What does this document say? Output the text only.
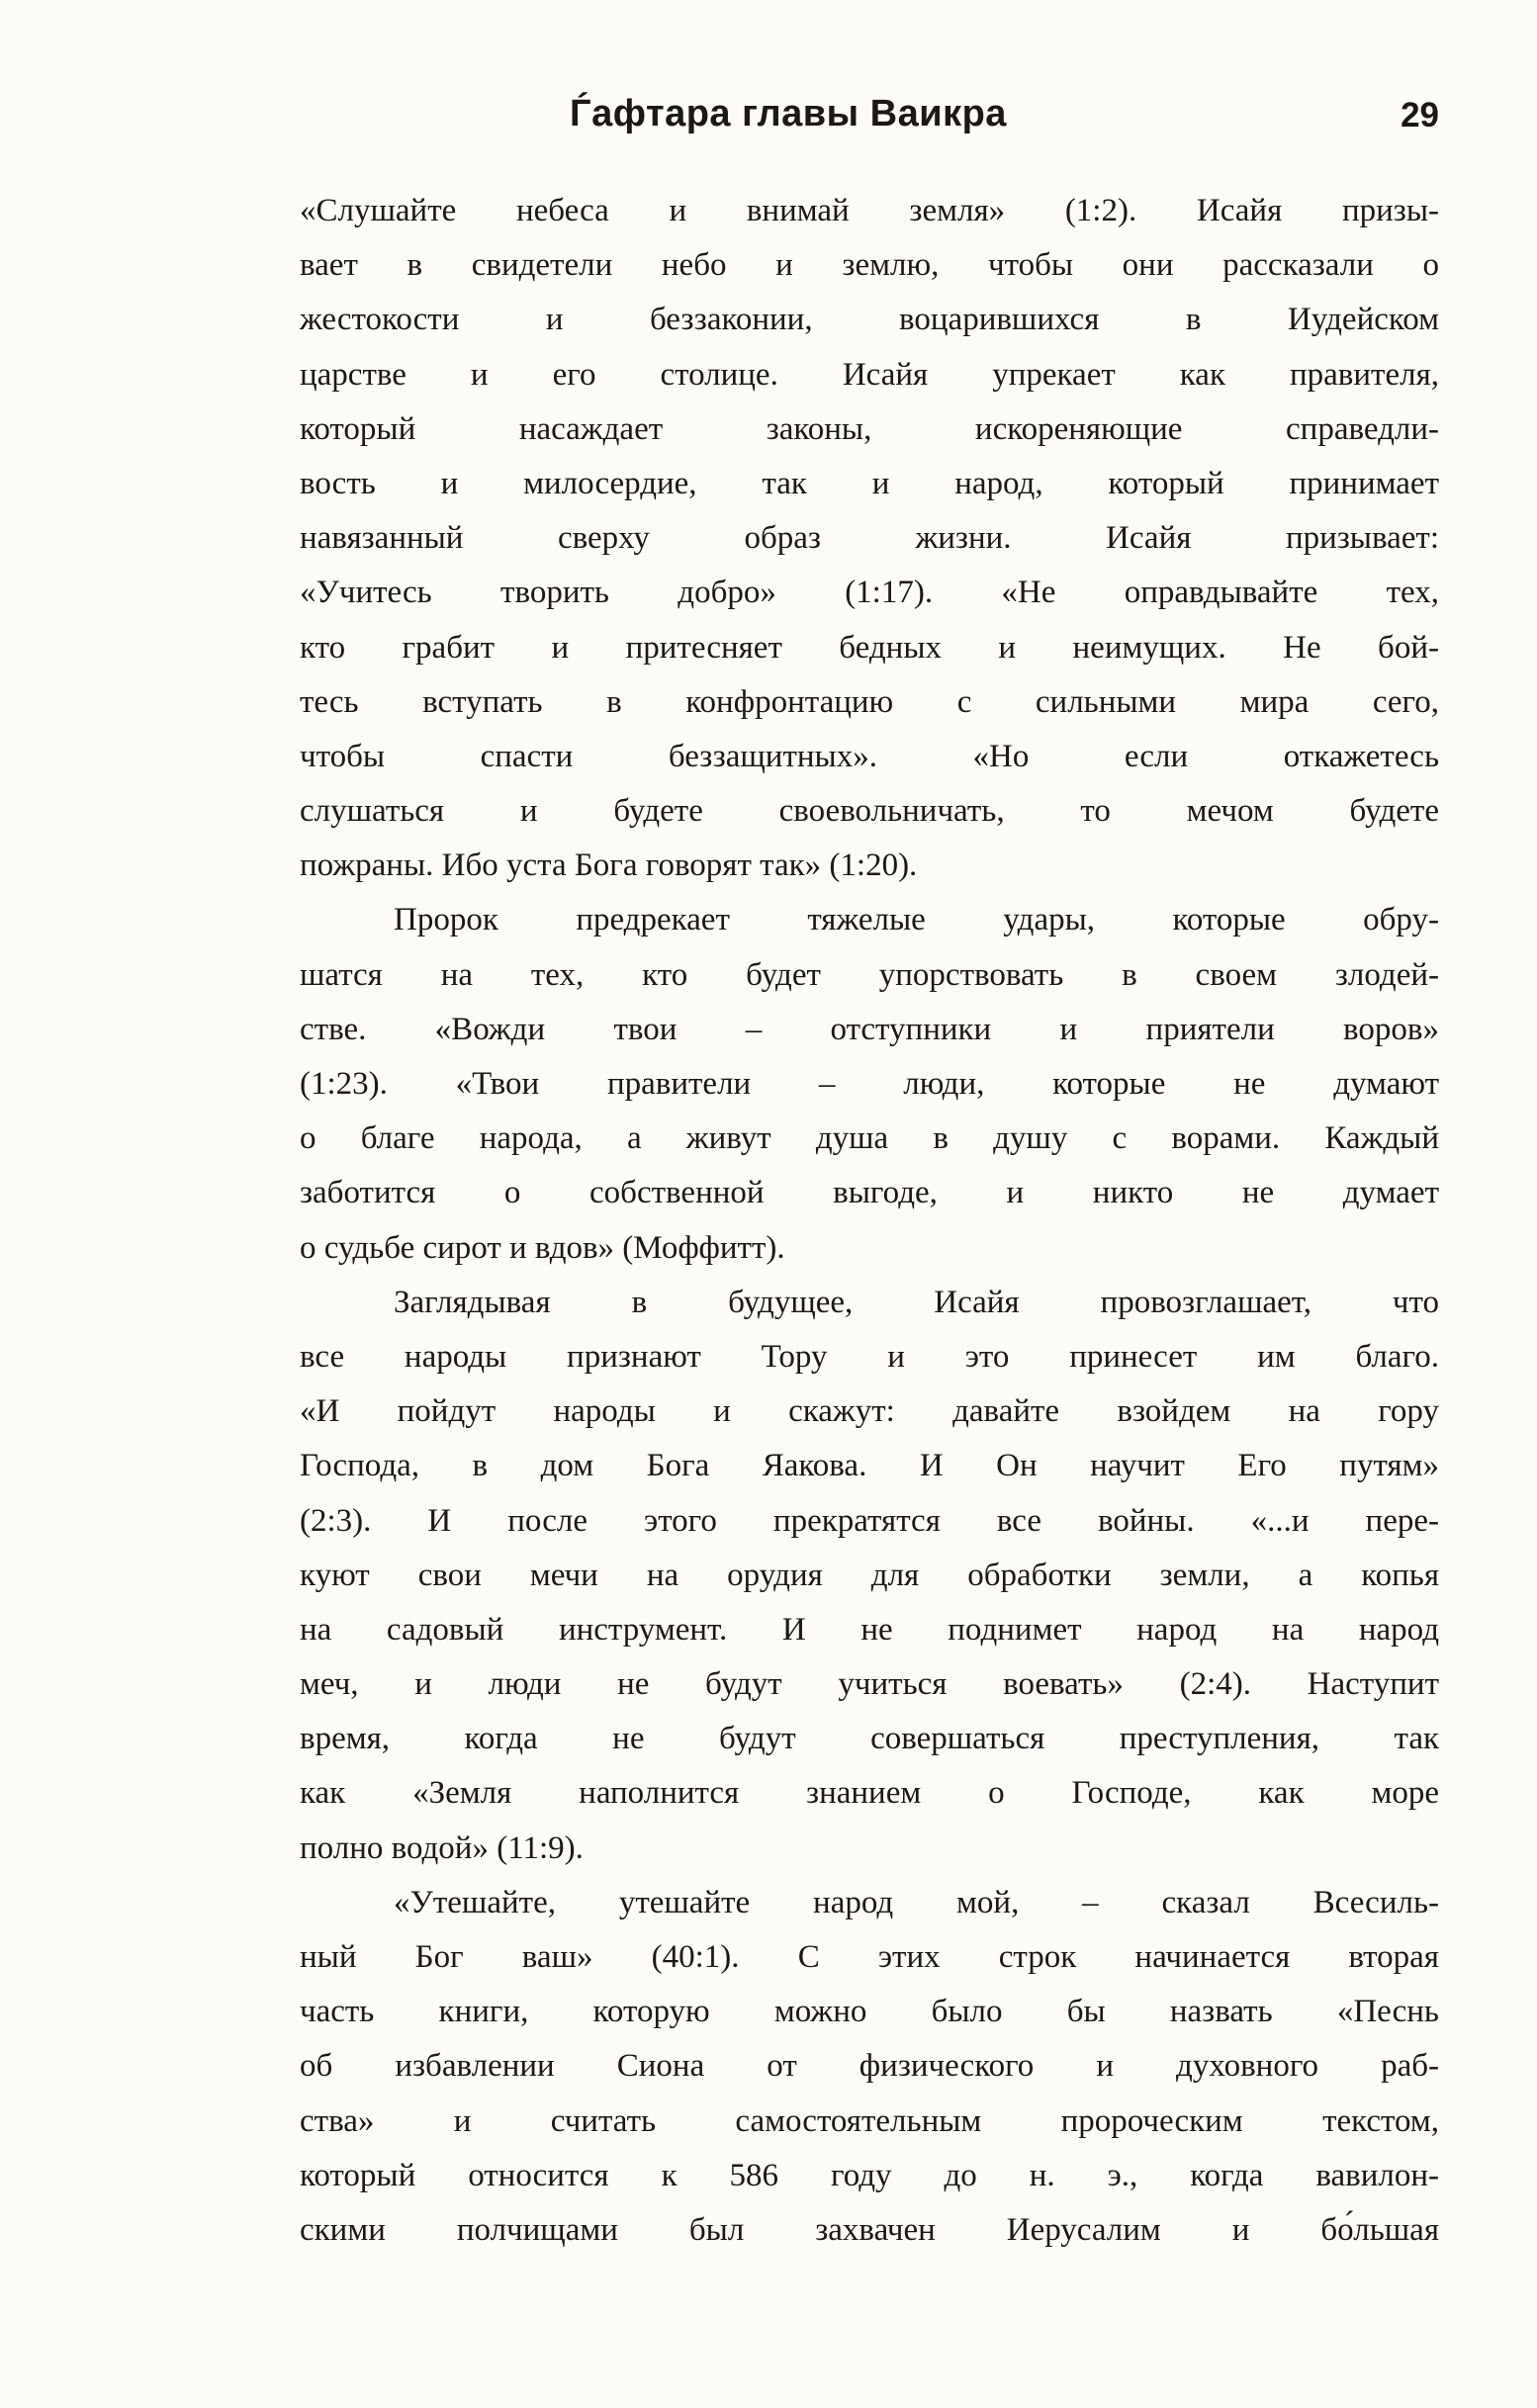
Ѓафтара главы Ваикра	29
«Слушайте небеса и внимай земля» (1:2). Исайя призы-
вает в свидетели небо и землю, чтобы они рассказали о
жестокости и беззаконии, воцарившихся в Иудейском
царстве и его столице. Исайя упрекает как правителя,
который насаждает законы, искореняющие справедли-
вость и милосердие, так и народ, который принимает
навязанный сверху образ жизни. Исайя призывает:
«Учитесь творить добро» (1:17). «Не оправдывайте тех,
кто грабит и притесняет бедных и неимущих. Не бой-
тесь вступать в конфронтацию с сильными мира сего,
чтобы спасти беззащитных». «Но если откажетесь
слушаться и будете своевольничать, то мечом будете
пожраны. Ибо уста Бога говорят так» (1:20).
Пророк предрекает тяжелые удары, которые обру-
шатся на тех, кто будет упорствовать в своем злодей-
стве. «Вожди твои – отступники и приятели воров»
(1:23). «Твои правители – люди, которые не думают
о благе народа, а живут душа в душу с ворами. Каждый
заботится о собственной выгоде, и никто не думает
о судьбе сирот и вдов» (Моффитт).
Заглядывая в будущее, Исайя провозглашает, что
все народы признают Тору и это принесет им благо.
«И пойдут народы и скажут: давайте взойдем на гору
Господа, в дом Бога Яакова. И Он научит Его путям»
(2:3). И после этого прекратятся все войны. «...и пере-
куют свои мечи на орудия для обработки земли, а копья
на садовый инструмент. И не поднимет народ на народ
меч, и люди не будут учиться воевать» (2:4). Наступит
время, когда не будут совершаться преступления, так
как «Земля наполнится знанием о Господе, как море
полно водой» (11:9).
«Утешайте, утешайте народ мой, – сказал Всесиль-
ный Бог ваш» (40:1). С этих строк начинается вторая
часть книги, которую можно было бы назвать «Песнь
об избавлении Сиона от физического и духовного раб-
ства» и считать самостоятельным пророческим текстом,
который относится к 586 году до н. э., когда вавилон-
скими полчищами был захвачен Иерусалим и бо́льшая
